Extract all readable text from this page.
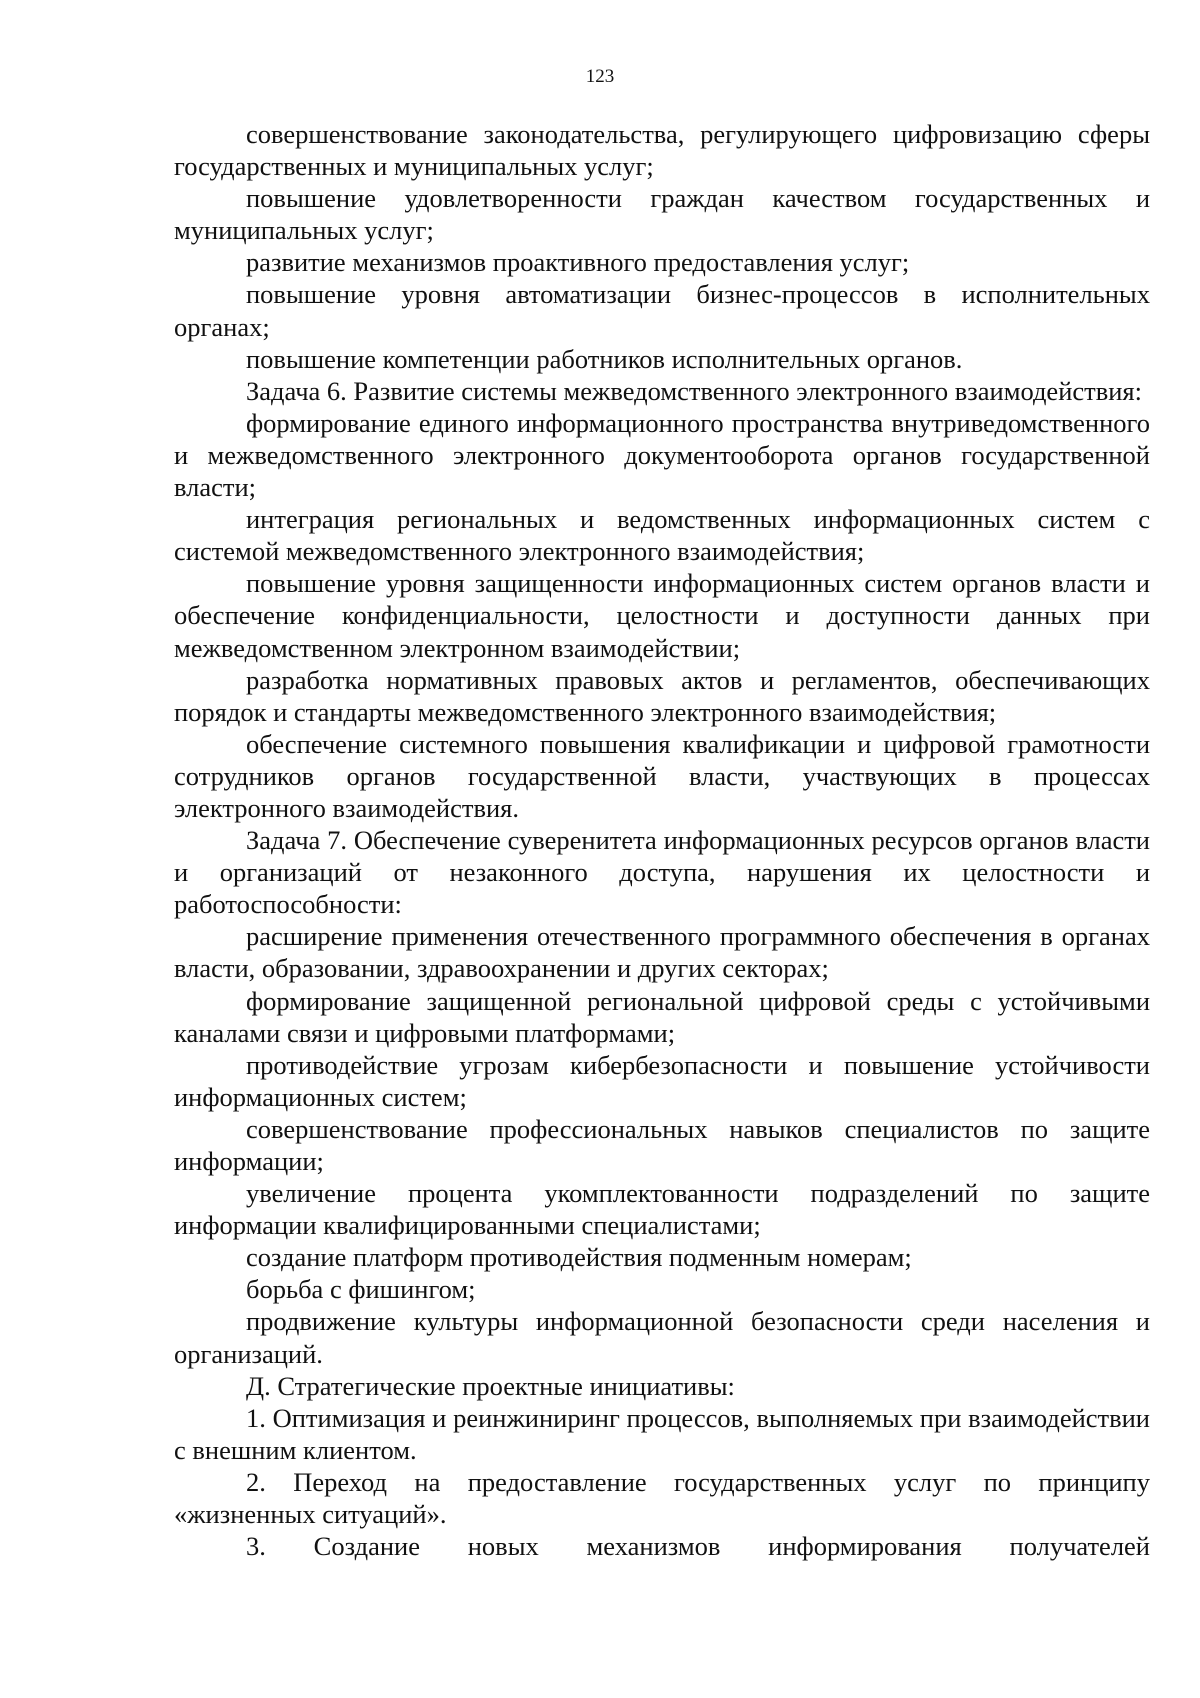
123

совершенствование законодательства, регулирующего цифровизацию сферы государственных и муниципальных услуг;

повышение удовлетворенности граждан качеством государственных и муниципальных услуг;

развитие механизмов проактивного предоставления услуг;

повышение уровня автоматизации бизнес-процессов в исполнительных органах;

повышение компетенции работников исполнительных органов.

Задача 6. Развитие системы межведомственного электронного взаимодействия:

формирование единого информационного пространства внутриведомственного и межведомственного электронного документооборота органов государственной власти;

интеграция региональных и ведомственных информационных систем с системой межведомственного электронного взаимодействия;

повышение уровня защищенности информационных систем органов власти и обеспечение конфиденциальности, целостности и доступности данных при межведомственном электронном взаимодействии;

разработка нормативных правовых актов и регламентов, обеспечивающих порядок и стандарты межведомственного электронного взаимодействия;

обеспечение системного повышения квалификации и цифровой грамотности сотрудников органов государственной власти, участвующих в процессах электронного взаимодействия.

Задача 7. Обеспечение суверенитета информационных ресурсов органов власти и организаций от незаконного доступа, нарушения их целостности и работоспособности:

расширение применения отечественного программного обеспечения в органах власти, образовании, здравоохранении и других секторах;

формирование защищенной региональной цифровой среды с устойчивыми каналами связи и цифровыми платформами;

противодействие угрозам кибербезопасности и повышение устойчивости информационных систем;

совершенствование профессиональных навыков специалистов по защите информации;

увеличение процента укомплектованности подразделений по защите информации квалифицированными специалистами;

создание платформ противодействия подменным номерам;

борьба с фишингом;

продвижение культуры информационной безопасности среди населения и организаций.

Д. Стратегические проектные инициативы:

1. Оптимизация и реинжиниринг процессов, выполняемых при взаимодействии с внешним клиентом.

2. Переход на предоставление государственных услуг по принципу «жизненных ситуаций».

3. Создание новых механизмов информирования получателей
